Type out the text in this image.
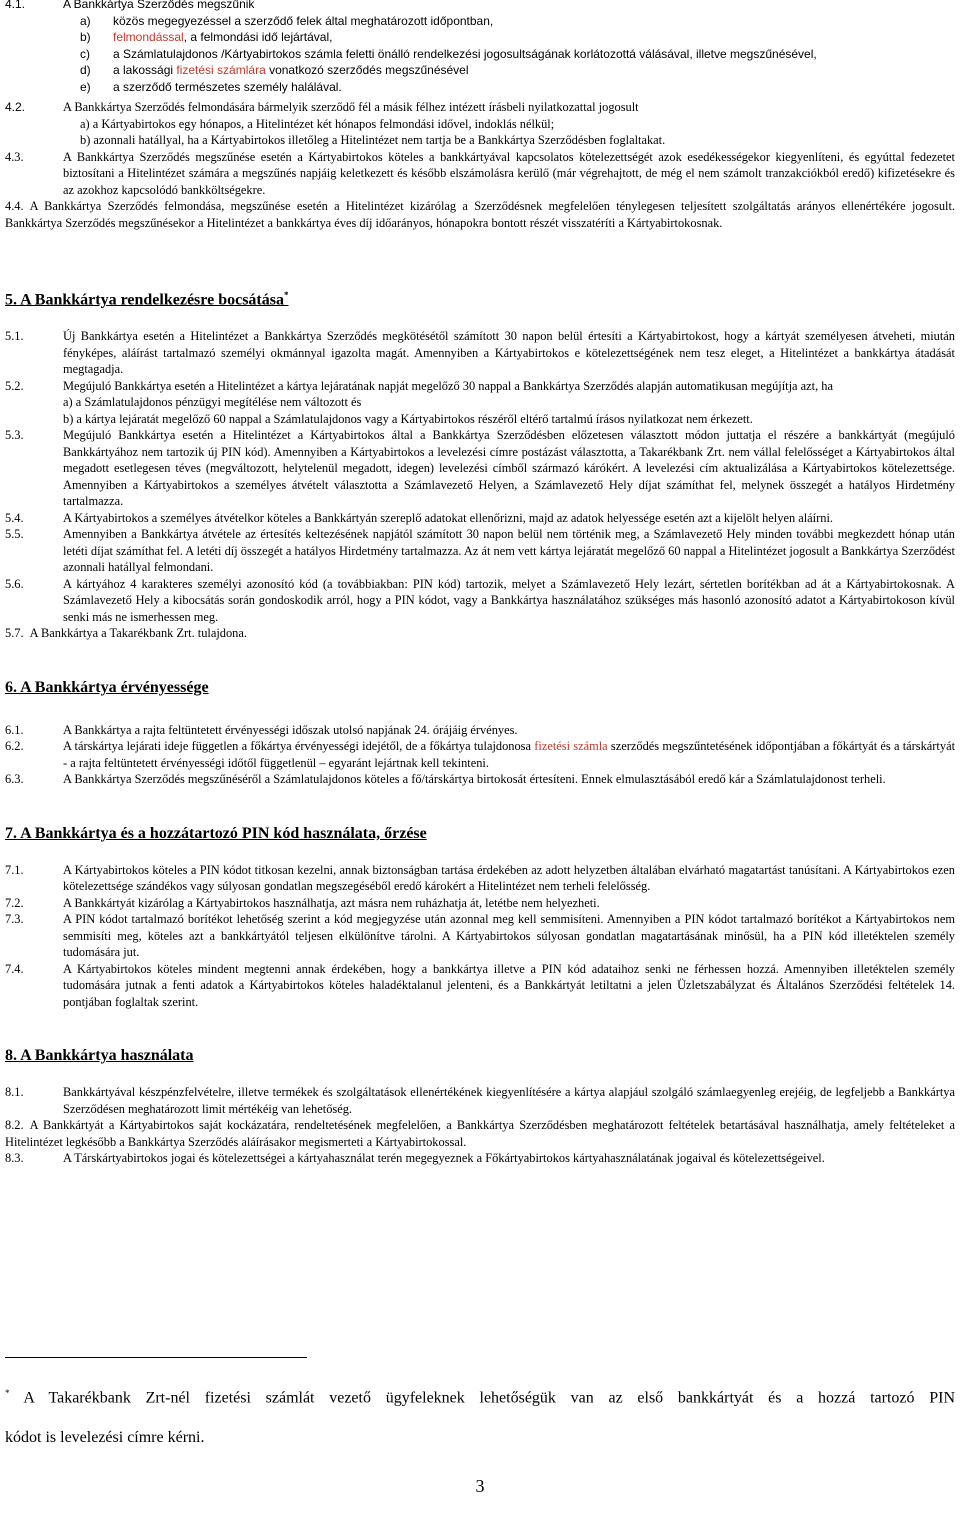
4.1.	A Bankkártya Szerződés megszűnik
a) közös megegyezéssel a szerződő felek által meghatározott időpontban,
b) felmondással, a felmondási idő lejártával,
c) a Számlatulajdonos /Kártyabirtokos számla feletti önálló rendelkezési jogosultságának korlátozottá válásával, illetve megszűnésével,
d) a lakossági fizetési számlára vonatkozó szerződés megszűnésével
e) a szerződő természetes személy halálával.
4.2.	A Bankkártya Szerződés felmondására bármelyik szerződő fél a másik félhez intézett írásbeli nyilatkozattal jogosult
a) a Kártyabirtokos egy hónapos, a Hitelintézet két hónapos felmondási idővel, indoklás nélkül;
b) azonnali hatállyal, ha a Kártyabirtokos illetőleg a Hitelintézet nem tartja be a Bankkártya Szerződésben foglaltakat.
4.3.	A Bankkártya Szerződés megszűnése esetén a Kártyabirtokos köteles a bankkártyával kapcsolatos kötelezettségét azok esedékességekor kiegyenlíteni, és egyúttal fedezetet biztosítani a Hitelintézet számára a megszűnés napjáig keletkezett és később elszámolásra kerülő (már végrehajtott, de még el nem számolt tranzakciókból eredő) kifizetésekre és az azokhoz kapcsolódó bankköltségekre.
4.4. A Bankkártya Szerződés felmondása, megszűnése esetén a Hitelintézet kizárólag a Szerződésnek megfelelően ténylegesen teljesített szolgáltatás arányos ellenértékére jogosult. Bankkártya Szerződés megszűnésekor a Hitelintézet a bankkártya éves díj időarányos, hónapokra bontott részét visszatéríti a Kártyabirtokosnak.
5. A Bankkártya rendelkezésre bocsátása*
5.1.	Új Bankkártya esetén a Hitelintézet a Bankkártya Szerződés megkötésétől számított 30 napon belül értesíti a Kártyabirtokost, hogy a kártyát személyesen átveheti, miután fényképes, aláírást tartalmazó személyi okmánnyal igazolta magát. Amennyiben a Kártyabirtokos e kötelezettségének nem tesz eleget, a Hitelintézet a bankkártya átadását megtagadja.
5.2.	Megújuló Bankkártya esetén a Hitelintézet a kártya lejáratának napját megelőző 30 nappal a Bankkártya Szerződés alapján automatikusan megújítja azt, ha
a) a Számlatulajdonos pénzügyi megítélése nem változott és
b) a kártya lejáratát megelőző 60 nappal a Számlatulajdonos vagy a Kártyabirtokos részéről eltérő tartalmú írásos nyilatkozat nem érkezett.
5.3.	Megújuló Bankkártya esetén a Hitelintézet a Kártyabirtokos által a Bankkártya Szerződésben előzetesen választott módon juttatja el részére a bankkártyát (megújuló Bankkártyához nem tartozik új PIN kód). Amennyiben a Kártyabirtokos a levelezési címre postázást választotta, a Takarékbank Zrt. nem vállal felelősséget a Kártyabirtokos által megadott esetlegesen téves (megváltozott, helytelenül megadott, idegen) levelezési címből származó kárókért. A levelezési cím aktualizálása a Kártyabirtokos kötelezettsége. Amennyiben a Kártyabirtokos a személyes átvételt választotta a Számlavezető Helyen, a Számlavezető Hely díjat számíthat fel, melynek összegét a hatályos Hirdetmény tartalmazza.
5.4.	A Kártyabirtokos a személyes átvételkor köteles a Bankkártyán szereplő adatokat ellenőrizni, majd az adatok helyessége esetén azt a kijelölt helyen aláírni.
5.5.	Amennyiben a Bankkártya átvétele az értesítés keltezésének napjától számított 30 napon belül nem történik meg, a Számlavezető Hely minden további megkezdett hónap után letéti díjat számíthat fel. A letéti díj összegét a hatályos Hirdetmény tartalmazza. Az át nem vett kártya lejáratát megelőző 60 nappal a Hitelintézet jogosult a Bankkártya Szerződést azonnali hatállyal felmondani.
5.6.	A kártyához 4 karakteres személyi azonosító kód (a továbbiakban: PIN kód) tartozik, melyet a Számlavezető Hely lezárt, sértetlen borítékban ad át a Kártyabirtokosnak. A Számlavezető Hely a kibocsátás során gondoskodik arról, hogy a PIN kódot, vagy a Bankkártya használatához szükséges más hasonló azonosító adatot a Kártyabirtokoson kívül senki más ne ismerhessen meg.
5.7. A Bankkártya a Takarékbank Zrt. tulajdona.
6. A Bankkártya érvényessége
6.1.	A Bankkártya a rajta feltüntetett érvényességi időszak utolsó napjának 24. órájáig érvényes.
6.2.	A társkártya lejárati ideje független a főkártya érvényességi idejétől, de a főkártya tulajdonosa fizetési számla szerződés megszűntetésének időpontjában a főkártyát és a társkártyát - a rajta feltüntetett érvényességi időtől függetlenül – egyaránt lejártnak kell tekinteni.
6.3.	A Bankkártya Szerződés megszűnéséről a Számlatulajdonos köteles a fő/társkártya birtokosát értesíteni. Ennek elmulasztásából eredő kár a Számlatulajdonost terheli.
7. A Bankkártya és a hozzátartozó PIN kód használata, őrzése
7.1.	A Kártyabirtokos köteles a PIN kódot titkosan kezelni, annak biztonságban tartása érdekében az adott helyzetben általában elvárható magatartást tanúsítani. A Kártyabirtokos ezen kötelezettsége szándékos vagy súlyosan gondatlan megszegéséből eredő károkért a Hitelintézet nem terheli felelősség.
7.2.	A Bankkártyát kizárólag a Kártyabirtokos használhatja, azt másra nem ruházhatja át, letétbe nem helyezheti.
7.3.	A PIN kódot tartalmazó borítékot lehetőség szerint a kód megjegyzése után azonnal meg kell semmisíteni. Amennyiben a PIN kódot tartalmazó borítékot a Kártyabirtokos nem semmisíti meg, köteles azt a bankkártyától teljesen elkülönítve tárolni. A Kártyabirtokos súlyosan gondatlan magatartásának minősül, ha a PIN kód illetéktelen személy tudomására jut.
7.4.	A Kártyabirtokos köteles mindent megtenni annak érdekében, hogy a bankkártya illetve a PIN kód adataihoz senki ne férhessen hozzá. Amennyiben illetéktelen személy tudomására jutnak a fenti adatok a Kártyabirtokos köteles haladéktalanul jelenteni, és a Bankkártyát letiltatni a jelen Üzletszabályzat és Általános Szerződési feltételek 14. pontjában foglaltak szerint.
8. A Bankkártya használata
8.1.	Bankkártyával készpénzfelvételre, illetve termékek és szolgáltatások ellenértékének kiegyenlítésére a kártya alapjául szolgáló számlaegyenleg erejéig, de legfeljebb a Bankkártya Szerződésen meghatározott limit mértékéig van lehetőség.
8.2. A Bankkártyát a Kártyabirtokos saját kockázatára, rendeltetésének megfelelően, a Bankkártya Szerződésben meghatározott feltételek betartásával használhatja, amely feltételeket a Hitelintézet legkésőbb a Bankkártya Szerződés aláírásakor megismerteti a Kártyabirtokossal.
8.3.	A Társkártyabirtokos jogai és kötelezettségei a kártyahasználat terén megegyeznek a Főkártyabirtokos kártyahasználatának jogaival és kötelezettségeivel.
* A Takarékbank Zrt-nél fizetési számlát vezető ügyfeleknek lehetőségük van az első bankkártyát és a hozzá tartozó PIN
kódot is levelezési címre kérni.
3
